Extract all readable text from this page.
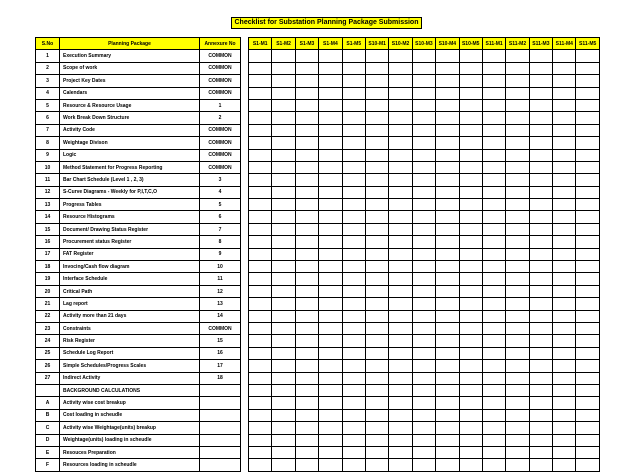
Checklist for Substation Planning Package Submission
S.No	Planning Package	Annexure No
1	Execution Summary	COMMON
2	Scope of work	COMMON
3	Project Key Dates	COMMON
4	Calendars	COMMON
5	Resource & Resource Usage	1
6	Work Break Down Structure	2
7	Activity Code	COMMON
8	Weightage Divison	COMMON
9	Logic	COMMON
10	Method Statement for Progress Reporting	COMMON
11	Bar Chart Schedule (Level 1 , 2, 3)	3
12	S-Curve Diagrams - Weekly for P,I,T,C,O	4
13	Progress Tables	5
14	Resource Histograms	6
15	Document/ Drawing Status Register	7
16	Procurement status Register	8
17	FAT Register	9
18	Invocing/Cash flow diagram	10
19	Interface Schedule	11
20	Critical Path	12
21	Lag report	13
22	Activity more than 21 days	14
23	Constraints	COMMON
24	Risk Register	15
25	Schedule Log Report	16
26	Simple Schedules/Progress Scales	17
27	Indirect Activity	18
	BACKGROUND CALCULATIONS	
A	Activity wise cost breakup	
B	Cost loading in scheudle	
C	Activity wise Weightage(units) breakup	
D	Weightage(units) loading in scheudle	
E	Resouces Preparation	
F	Resources loading in scheudle	
S1-M1	S1-M2	S1-M3	S1-M4	S1-M5	S10-M1	S10-M2	S10-M3	S10-M4	S10-M5	S11-M1	S11-M2	S11-M3	S11-M4	S11-M5
